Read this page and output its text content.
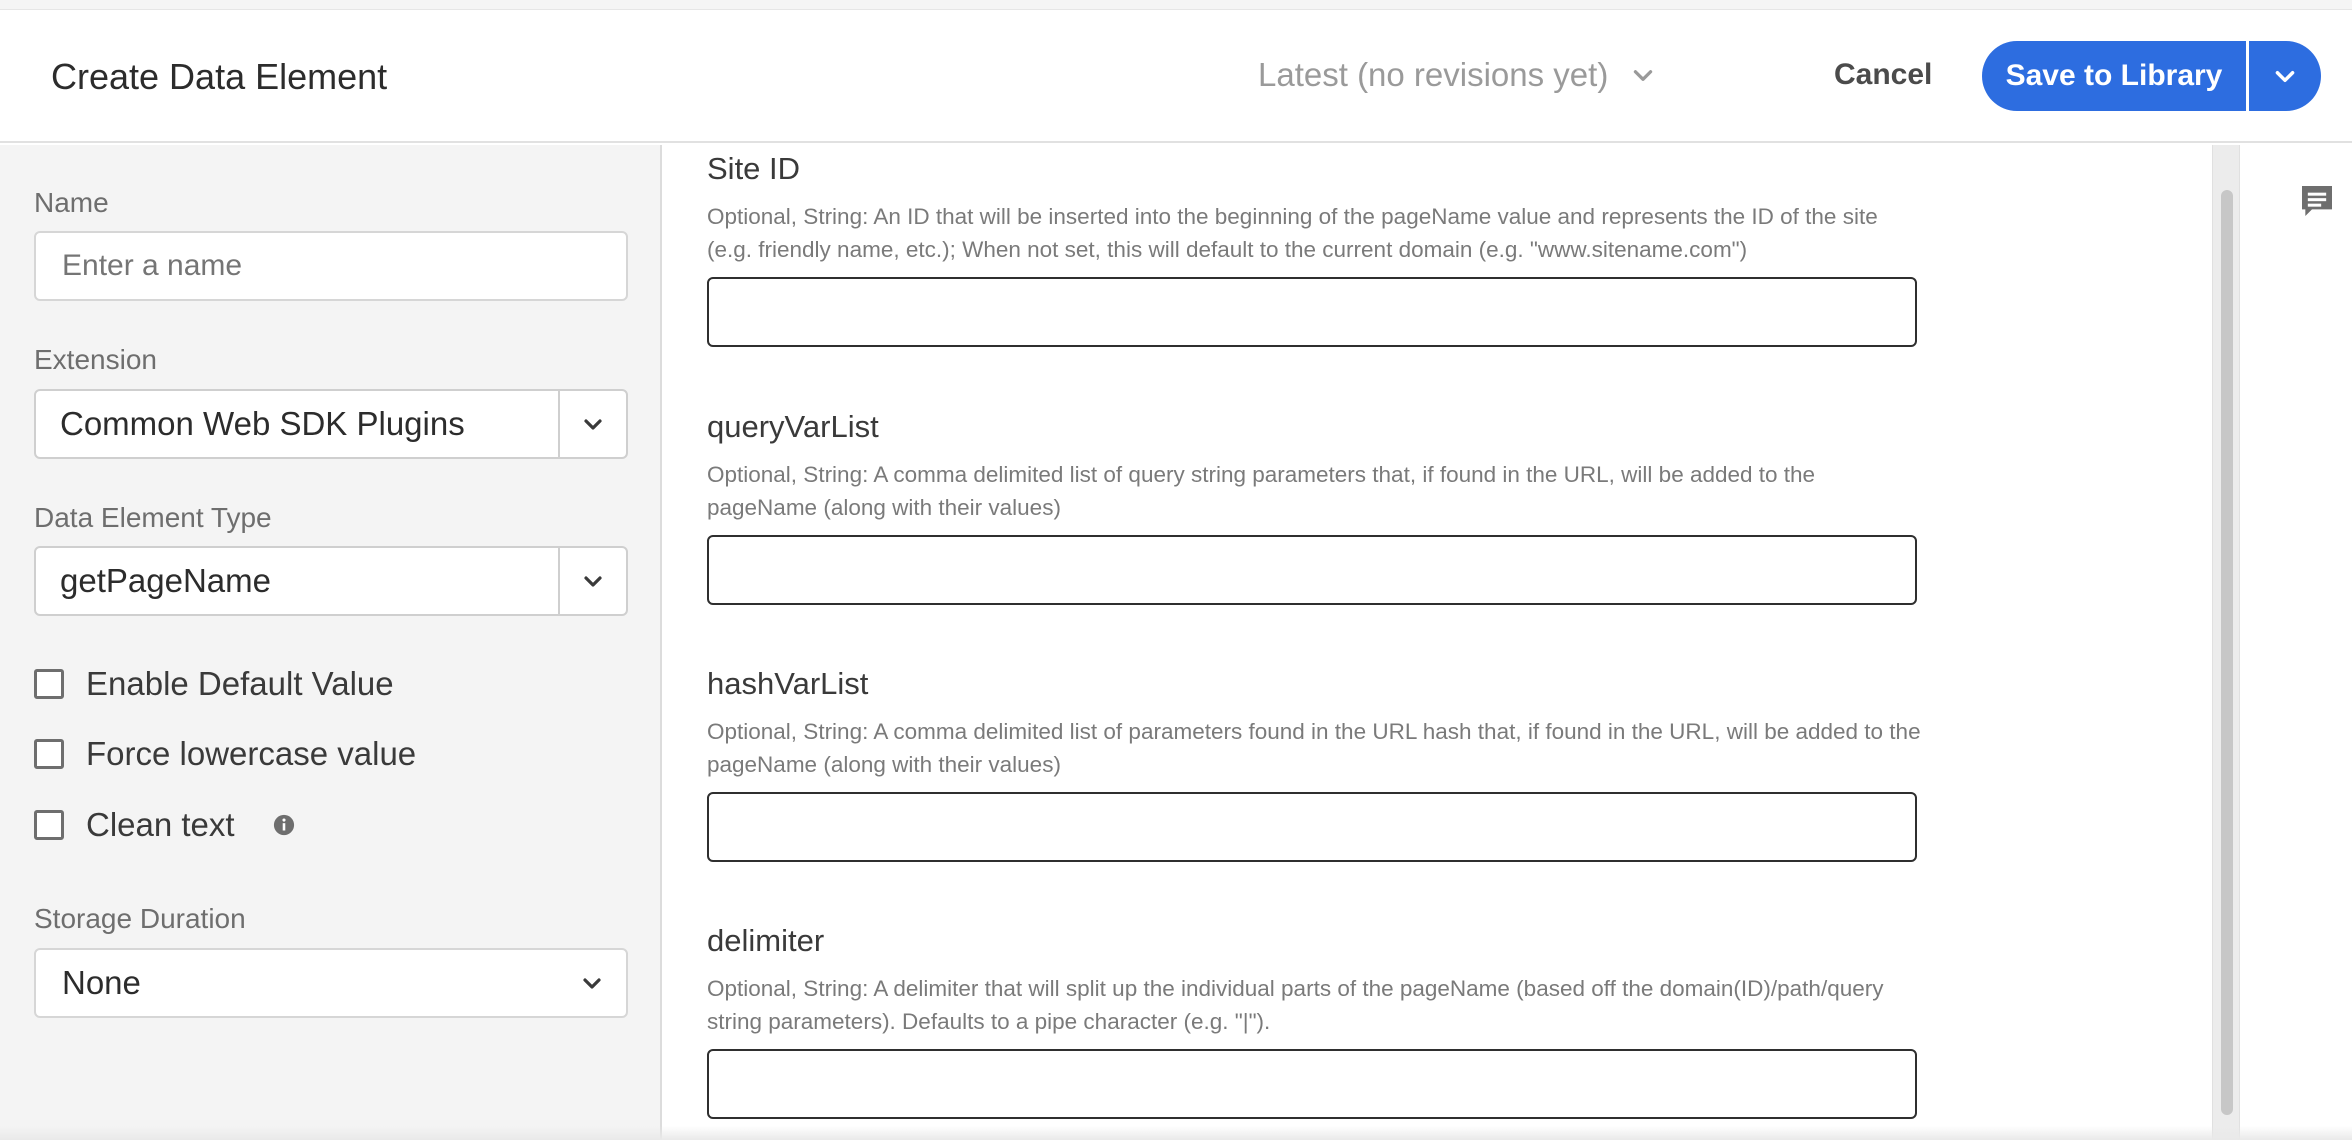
Create Data Element	Latest (no revisions yet)	Cancel	Save to Library
Name
Enter a name
Extension
Common Web SDK Plugins
Data Element Type
getPageName
Enable Default Value
Force lowercase value
Clean text
Storage Duration
None
Site ID
Optional, String: An ID that will be inserted into the beginning of the pageName value and represents the ID of the site (e.g. friendly name, etc.); When not set, this will default to the current domain (e.g. "www.sitename.com")
queryVarList
Optional, String: A comma delimited list of query string parameters that, if found in the URL, will be added to the pageName (along with their values)
hashVarList
Optional, String: A comma delimited list of parameters found in the URL hash that, if found in the URL, will be added to the pageName (along with their values)
delimiter
Optional, String: A delimiter that will split up the individual parts of the pageName (based off the domain(ID)/path/query string parameters). Defaults to a pipe character (e.g. "|").
